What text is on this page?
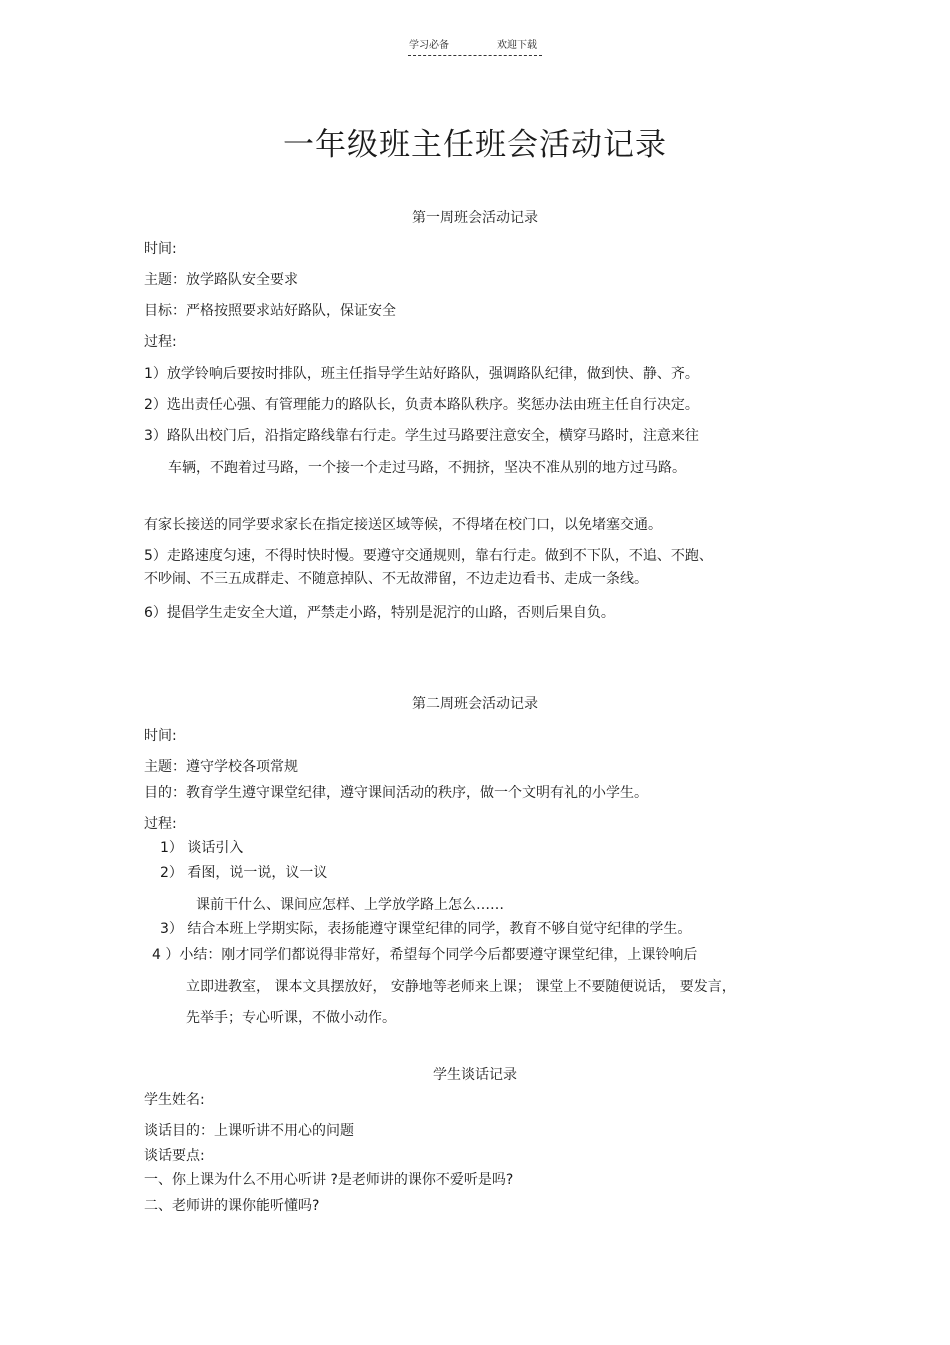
学习必备	欢迎下载
一年级班主任班会活动记录
第一周班会活动记录
时间:
主题：放学路队安全要求
目标：严格按照要求站好路队，保证安全
过程:
1）放学铃响后要按时排队，班主任指导学生站好路队，强调路队纪律，做到快、静、齐。
2）选出责任心强、有管理能力的路队长，负责本路队秩序。奖惩办法由班主任自行决定。
3）路队出校门后，沿指定路线靠右行走。学生过马路要注意安全，横穿马路时，注意来往
车辆，不跑着过马路，一个接一个走过马路，不拥挤，坚决不准从别的地方过马路。
有家长接送的同学要求家长在指定接送区域等候，不得堵在校门口，以免堵塞交通。
5）走路速度匀速，不得时快时慢。要遵守交通规则，靠右行走。做到不下队，不追、不跑、
不吵闹、不三五成群走、不随意掉队、不无故滞留，不边走边看书、走成一条线。
6）提倡学生走安全大道，严禁走小路，特别是泥泞的山路，否则后果自负。
第二周班会活动记录
时间:
主题：遵守学校各项常规
目的：教育学生遵守课堂纪律，遵守课间活动的秩序，做一个文明有礼的小学生。
过程:
1） 谈话引入
2） 看图，说一说，议一议
课前干什么、课间应怎样、上学放学路上怎么……
3） 结合本班上学期实际，表扬能遵守课堂纪律的同学，教育不够自觉守纪律的学生。
4 ）小结：刚才同学们都说得非常好，希望每个同学今后都要遵守课堂纪律，上课铃响后
立即进教室， 课本文具摆放好， 安静地等老师来上课； 课堂上不要随便说话， 要发言，
先举手；专心听课，不做小动作。
学生谈话记录
学生姓名:
谈话目的：上课听讲不用心的问题
谈话要点:
一、你上课为什么不用心听讲 ?是老师讲的课你不爱听是吗?
二、老师讲的课你能听懂吗?
